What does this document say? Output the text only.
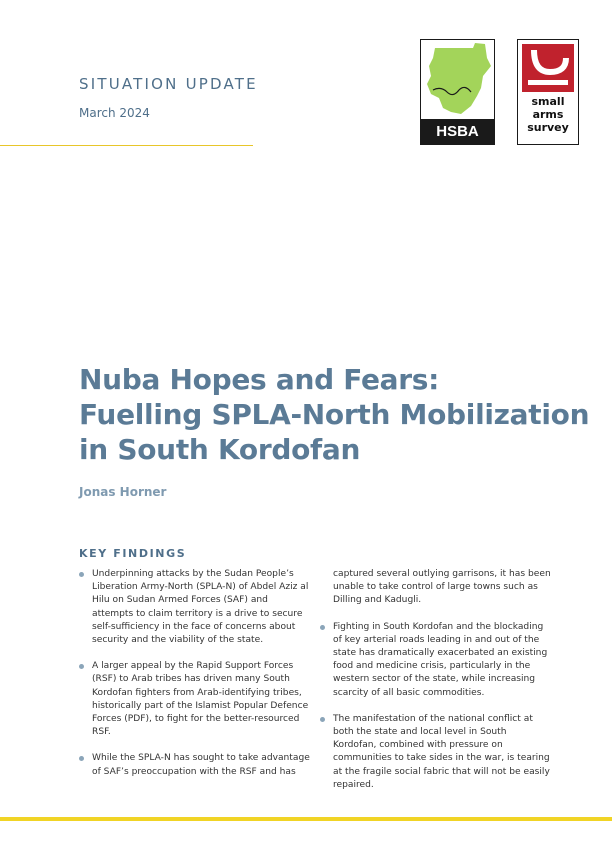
SITUATION UPDATE
March 2024
HSBA
small
arms
survey
Nuba Hopes and Fears:
Fuelling SPLA-North Mobilization
in South Kordofan
Jonas Horner
KEY FINDINGS
Underpinning attacks by the Sudan People’s Liberation Army-North (SPLA-N) of Abdel Aziz al Hilu on Sudan Armed Forces (SAF) and attempts to claim territory is a drive to secure self-sufficiency in the face of concerns about security and the viability of the state.
A larger appeal by the Rapid Support Forces (RSF) to Arab tribes has driven many South Kordofan fighters from Arab-identifying tribes, historically part of the Islamist Popular Defence Forces (PDF), to fight for the better-resourced RSF.
While the SPLA-N has sought to take advantage of SAF’s preoccupation with the RSF and has
captured several outlying garrisons, it has been unable to take control of large towns such as Dilling and Kadugli.
Fighting in South Kordofan and the blockading of key arterial roads leading in and out of the state has dramatically exacerbated an existing food and medicine crisis, particularly in the western sector of the state, while increasing scarcity of all basic commodities.
The manifestation of the national conflict at both the state and local level in South Kordofan, combined with pressure on communities to take sides in the war, is tearing at the fragile social fabric that will not be easily repaired.
